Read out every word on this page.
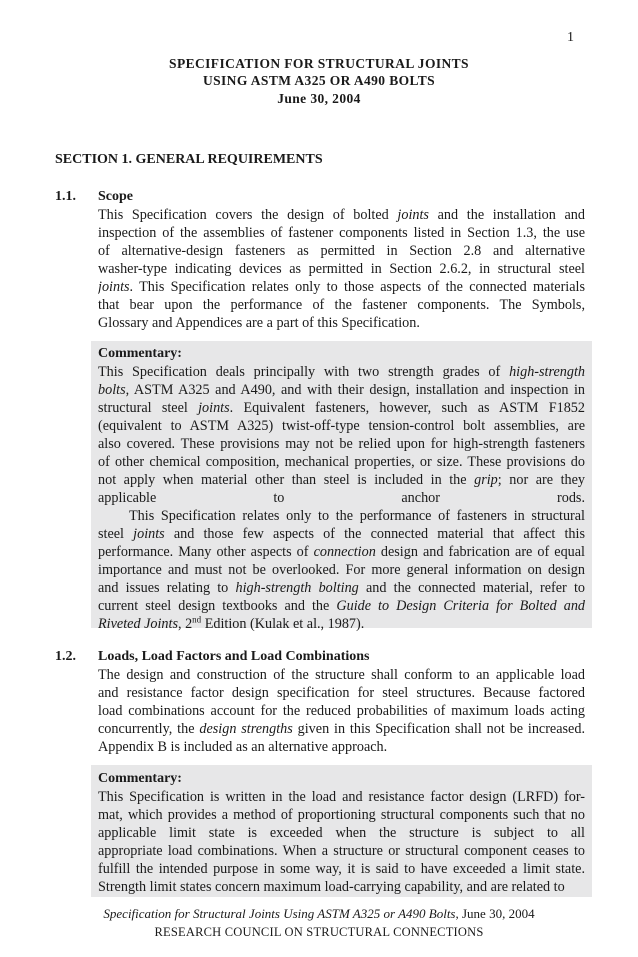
1
SPECIFICATION FOR STRUCTURAL JOINTS
USING ASTM A325 OR A490 BOLTS
June 30, 2004
SECTION 1. GENERAL REQUIREMENTS
1.1. Scope
This Specification covers the design of bolted joints and the installation and
inspection of the assemblies of fastener components listed in Section 1.3, the use
of alternative-design fasteners as permitted in Section 2.8 and alternative
washer-type indicating devices as permitted in Section 2.6.2, in structural steel
joints. This Specification relates only to those aspects of the connected materials
that bear upon the performance of the fastener components. The Symbols,
Glossary and Appendices are a part of this Specification.
Commentary:
This Specification deals principally with two strength grades of high-strength
bolts, ASTM A325 and A490, and with their design, installation and inspection in
structural steel joints. Equivalent fasteners, however, such as ASTM F1852
(equivalent to ASTM A325) twist-off-type tension-control bolt assemblies, are
also covered. These provisions may not be relied upon for high-strength fasteners
of other chemical composition, mechanical properties, or size. These provisions do
not apply when material other than steel is included in the grip; nor are they
applicable to anchor rods.
This Specification relates only to the performance of fasteners in structural
steel joints and those few aspects of the connected material that affect this
performance. Many other aspects of connection design and fabrication are of equal
importance and must not be overlooked. For more general information on design
and issues relating to high-strength bolting and the connected material, refer to
current steel design textbooks and the Guide to Design Criteria for Bolted and
Riveted Joints, 2nd Edition (Kulak et al., 1987).
1.2. Loads, Load Factors and Load Combinations
The design and construction of the structure shall conform to an applicable load
and resistance factor design specification for steel structures. Because factored
load combinations account for the reduced probabilities of maximum loads acting
concurrently, the design strengths given in this Specification shall not be increased.
Appendix B is included as an alternative approach.
Commentary:
This Specification is written in the load and resistance factor design (LRFD) for-
mat, which provides a method of proportioning structural components such that no
applicable limit state is exceeded when the structure is subject to all
appropriate load combinations. When a structure or structural component ceases to
fulfill the intended purpose in some way, it is said to have exceeded a limit state.
Strength limit states concern maximum load-carrying capability, and are related to
Specification for Structural Joints Using ASTM A325 or A490 Bolts, June 30, 2004
RESEARCH COUNCIL ON STRUCTURAL CONNECTIONS
